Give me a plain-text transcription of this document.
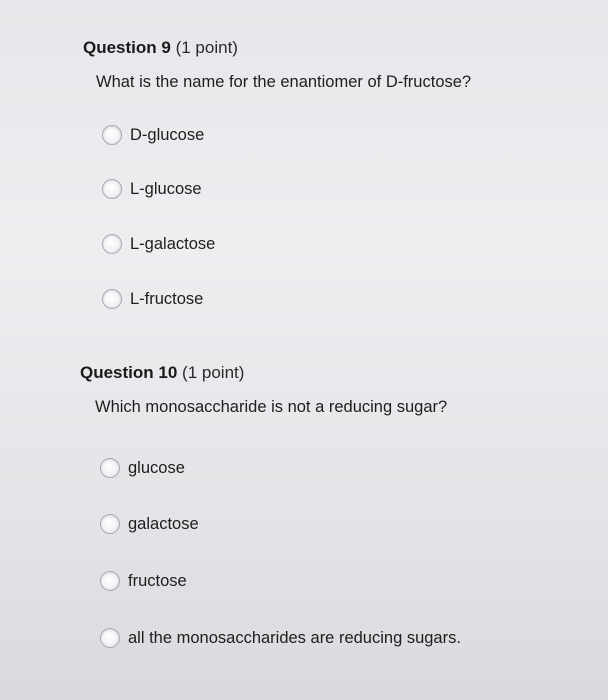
Question 9 (1 point)
What is the name for the enantiomer of D-fructose?
D-glucose
L-glucose
L-galactose
L-fructose
Question 10 (1 point)
Which monosaccharide is not a reducing sugar?
glucose
galactose
fructose
all the monosaccharides are reducing sugars.
